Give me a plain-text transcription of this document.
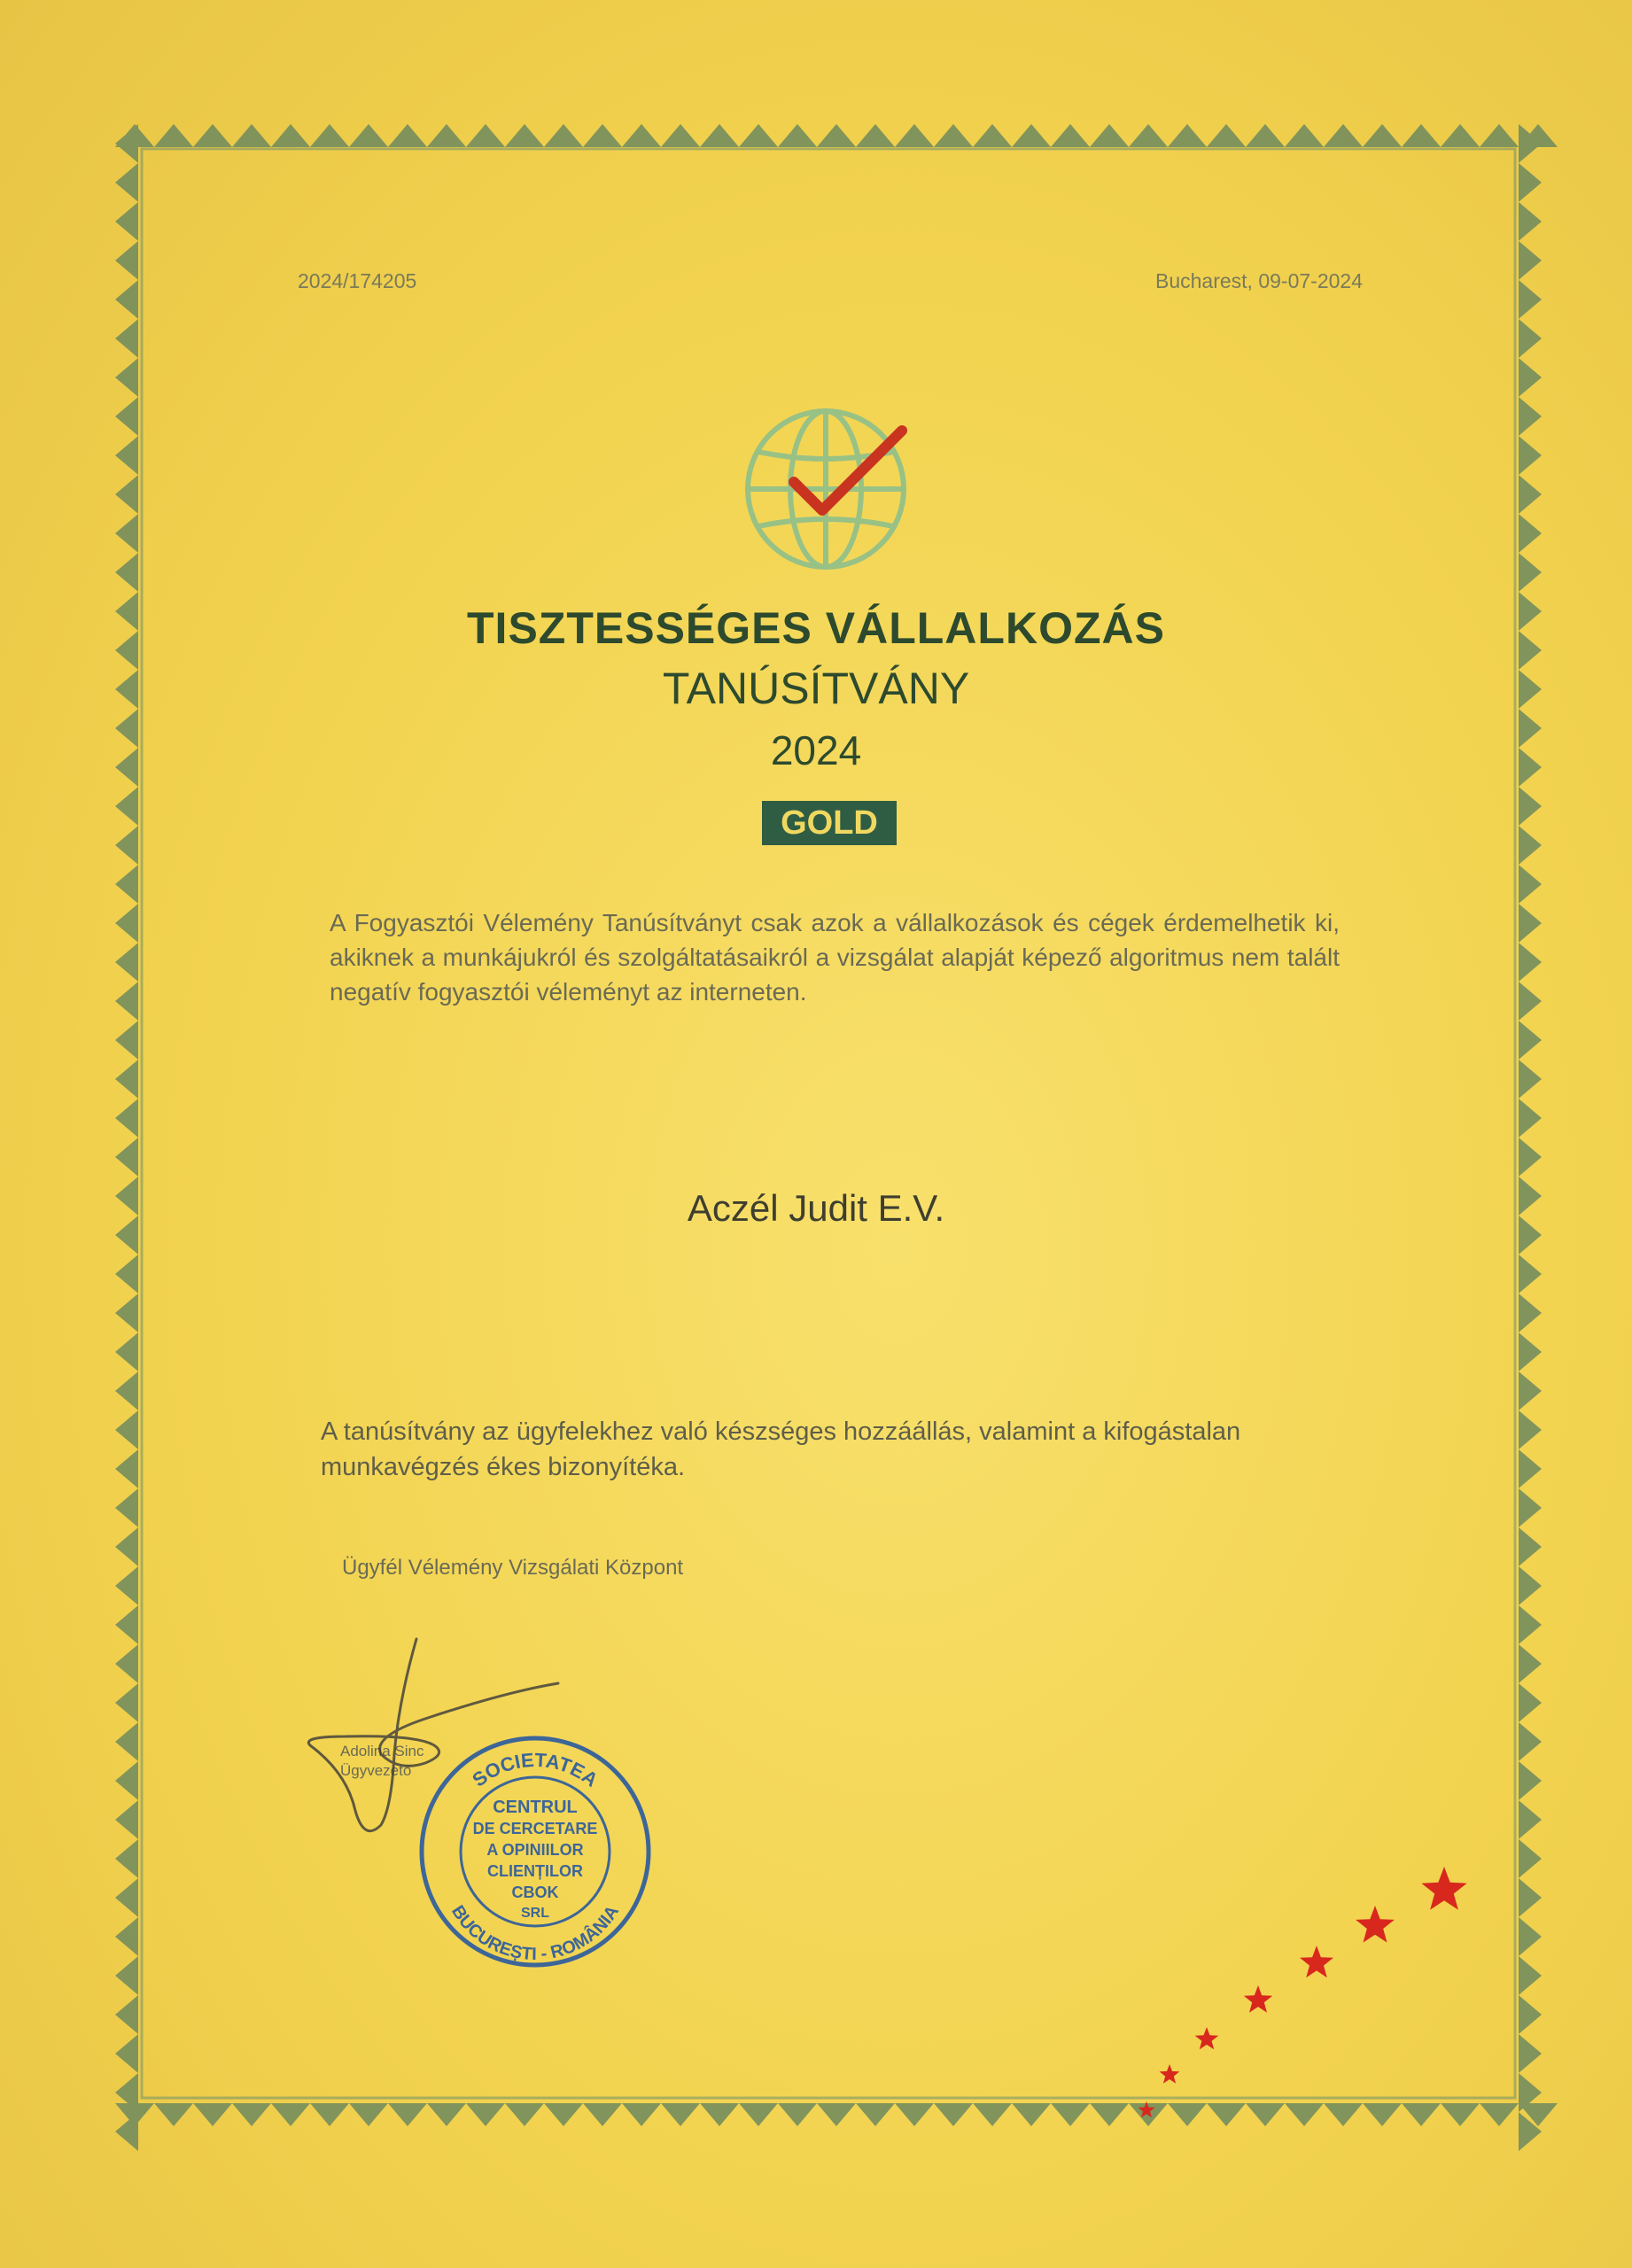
2024/174205	Bucharest, 09-07-2024
TISZTESSÉGES VÁLLALKOZÁS
TANÚSÍTVÁNY
2024
GOLD
A Fogyasztói Vélemény Tanúsítványt csak azok a vállalkozások és cégek érdemelhetik ki, akiknek a munkájukról és szolgáltatásaikról a vizsgálat alapját képező algoritmus nem talált negatív fogyasztói véleményt az interneten.
Aczél Judit E.V.
A tanúsítvány az ügyfelekhez való készséges hozzáállás, valamint a kifogástalan munkavégzés ékes bizonyítéka.
Ügyfél Vélemény Vizsgálati Központ
Adolina Sinc
Ügyvezető	SOCIETATEA
BUCUREȘTI - ROMÂNIA
CENTRUL
DE CERCETARE
A OPINIILOR
CLIENȚILOR
CBOK
SRL
